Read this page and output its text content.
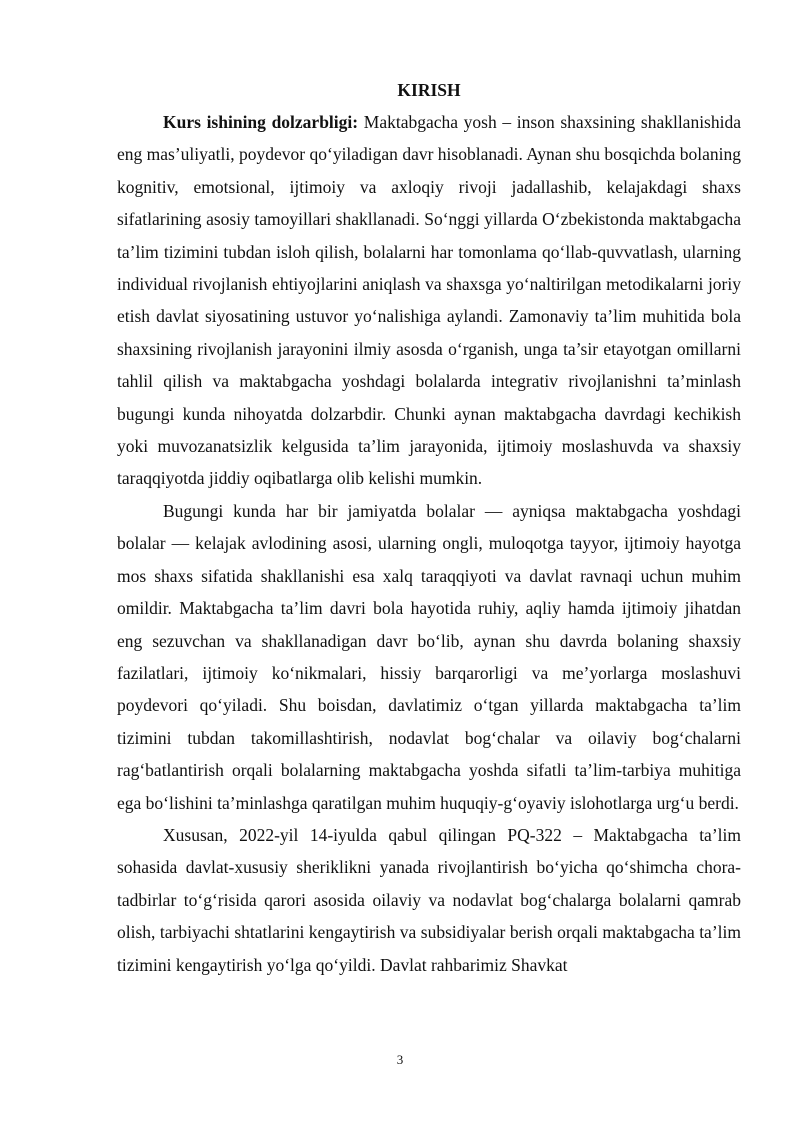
KIRISH

Kurs ishining dolzarbligi: Maktabgacha yosh – inson shaxsining shakllanishida eng mas’uliyatli, poydevor qo‘yiladigan davr hisoblanadi. Aynan shu bosqichda bolaning kognitiv, emotsional, ijtimoiy va axloqiy rivoji jadallashib, kelajakdagi shaxs sifatlarining asosiy tamoyillari shakllanadi. So‘nggi yillarda O‘zbekistonda maktabgacha ta’lim tizimini tubdan isloh qilish, bolalarni har tomonlama qo‘llab-quvvatlash, ularning individual rivojlanish ehtiyojlarini aniqlash va shaxsga yo‘naltirilgan metodikalarni joriy etish davlat siyosatining ustuvor yo‘nalishiga aylandi. Zamonaviy ta’lim muhitida bola shaxsining rivojlanish jarayonini ilmiy asosda o‘rganish, unga ta’sir etayotgan omillarni tahlil qilish va maktabgacha yoshdagi bolalarda integrativ rivojlanishni ta’minlash bugungi kunda nihoyatda dolzarbdir. Chunki aynan maktabgacha davrdagi kechikish yoki muvozanatsizlik kelgusida ta’lim jarayonida, ijtimoiy moslashuvda va shaxsiy taraqqiyotda jiddiy oqibatlarga olib kelishi mumkin.

Bugungi kunda har bir jamiyatda bolalar — ayniqsa maktabgacha yoshdagi bolalar — kelajak avlodining asosi, ularning ongli, muloqotga tayyor, ijtimoiy hayotga mos shaxs sifatida shakllanishi esa xalq taraqqiyoti va davlat ravnaqi uchun muhim omildir. Maktabgacha ta’lim davri bola hayotida ruhiy, aqliy hamda ijtimoiy jihatdan eng sezuvchan va shakllanadigan davr bo‘lib, aynan shu davrda bolaning shaxsiy fazilatlari, ijtimoiy ko‘nikmalari, hissiy barqarorligi va me’yorlarga moslashuvi poydevori qo‘yiladi. Shu boisdan, davlatimiz o‘tgan yillarda maktabgacha ta’lim tizimini tubdan takomillashtirish, nodavlat bog‘chalar va oilaviy bog‘chalarni rag‘batlantirish orqali bolalarning maktabgacha yoshda sifatli ta’lim-tarbiya muhitiga ega bo‘lishini ta’minlashga qaratilgan muhim huquqiy-g‘oyaviy islohotlarga urg‘u berdi.

Xususan, 2022-yil 14-iyulda qabul qilingan PQ-322 – Maktabgacha ta’lim sohasida davlat-xususiy sheriklikni yanada rivojlantirish bo‘yicha qo‘shimcha chora-tadbirlar to‘g‘risida qarori asosida oilaviy va nodavlat bog‘chalarga bolalarni qamrab olish, tarbiyachi shtatlarini kengaytirish va subsidiyalar berish orqali maktabgacha ta’lim tizimini kengaytirish yo‘lga qo‘yildi. Davlat rahbarimiz Shavkat

3
